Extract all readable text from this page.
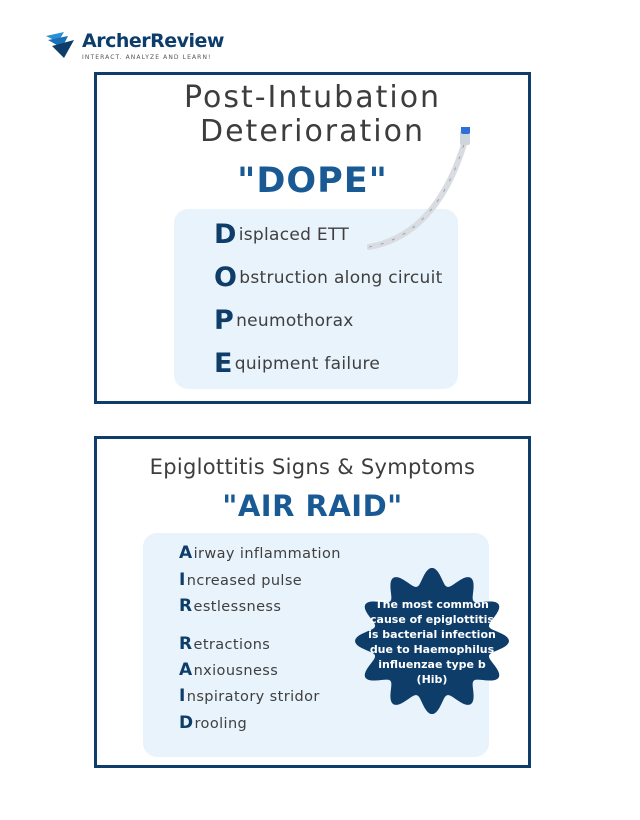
ArcherReview
INTERACT. ANALYZE AND LEARN!
Post-Intubation
Deterioration
"DOPE"
Displaced ETT
Obstruction along circuit
Pneumothorax
Equipment failure
Epiglottitis Signs & Symptoms
"AIR RAID"
Airway inflammation
Increased pulse
Restlessness
Retractions
Anxiousness
Inspiratory stridor
Drooling
The most common cause of epiglottitis is bacterial infection due to Haemophilus influenzae type b (Hib)
